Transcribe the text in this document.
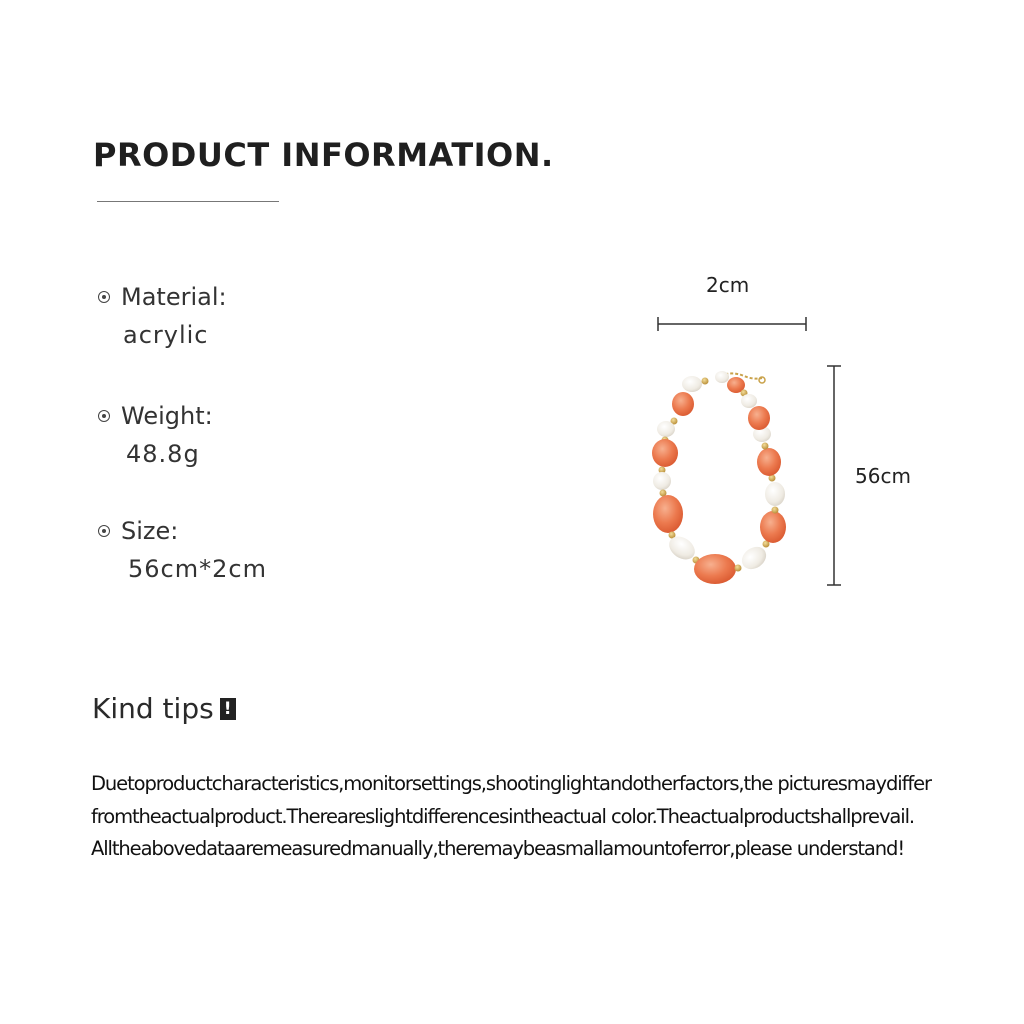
PRODUCT INFORMATION.
Material:
acrylic
Weight:
48.8g
Size:
56cm*2cm
2cm
56cm
Kind tips !

Duetoproductcharacteristics,monitorsettings,shootinglightandotherfactors,the picturesmaydifferfromtheactualproduct.Thereareslightdifferencesintheactual color.Theactualproductshallprevail.

Alltheabovedataaremeasuredmanually,theremaybeasmallamountoferror,please understand!
